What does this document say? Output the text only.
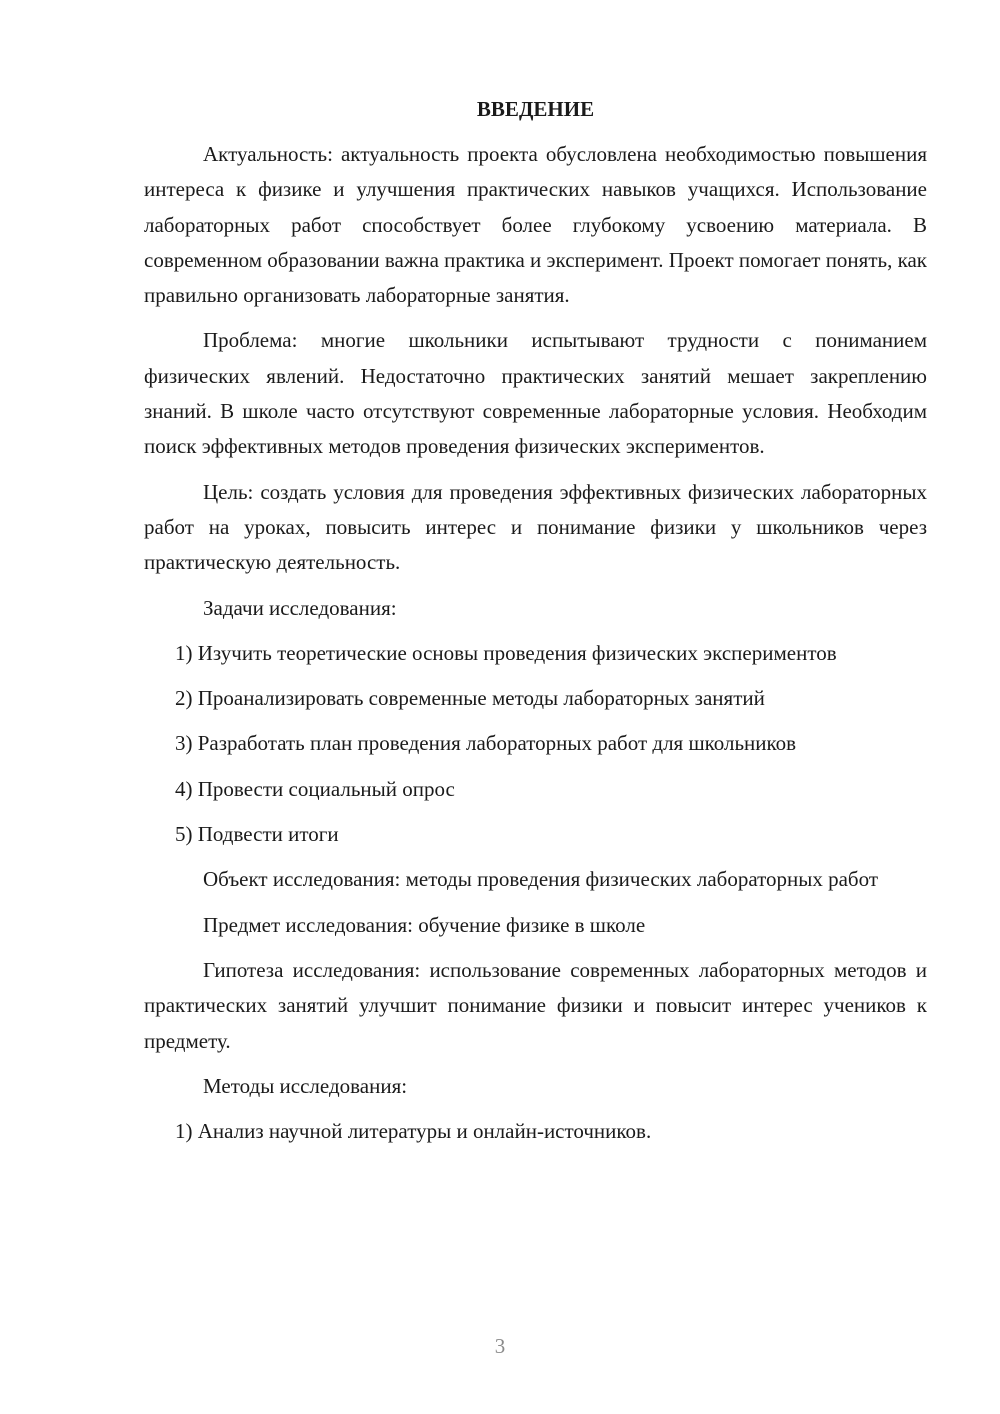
ВВЕДЕНИЕ

Актуальность: актуальность проекта обусловлена необходимостью повышения интереса к физике и улучшения практических навыков учащихся. Использование лабораторных работ способствует более глубокому усвоению материала. В современном образовании важна практика и эксперимент. Проект помогает понять, как правильно организовать лабораторные занятия.

Проблема: многие школьники испытывают трудности с пониманием физических явлений. Недостаточно практических занятий мешает закреплению знаний. В школе часто отсутствуют современные лабораторные условия. Необходим поиск эффективных методов проведения физических экспериментов.

Цель: создать условия для проведения эффективных физических лабораторных работ на уроках, повысить интерес и понимание физики у школьников через практическую деятельность.

Задачи исследования:

1) Изучить теоретические основы проведения физических экспериментов

2) Проанализировать современные методы лабораторных занятий

3) Разработать план проведения лабораторных работ для школьников

4) Провести социальный опрос

5) Подвести итоги

Объект исследования: методы проведения физических лабораторных работ

Предмет исследования: обучение физике в школе

Гипотеза исследования: использование современных лабораторных методов и практических занятий улучшит понимание физики и повысит интерес учеников к предмету.

Методы исследования:

1) Анализ научной литературы и онлайн-источников.

3
